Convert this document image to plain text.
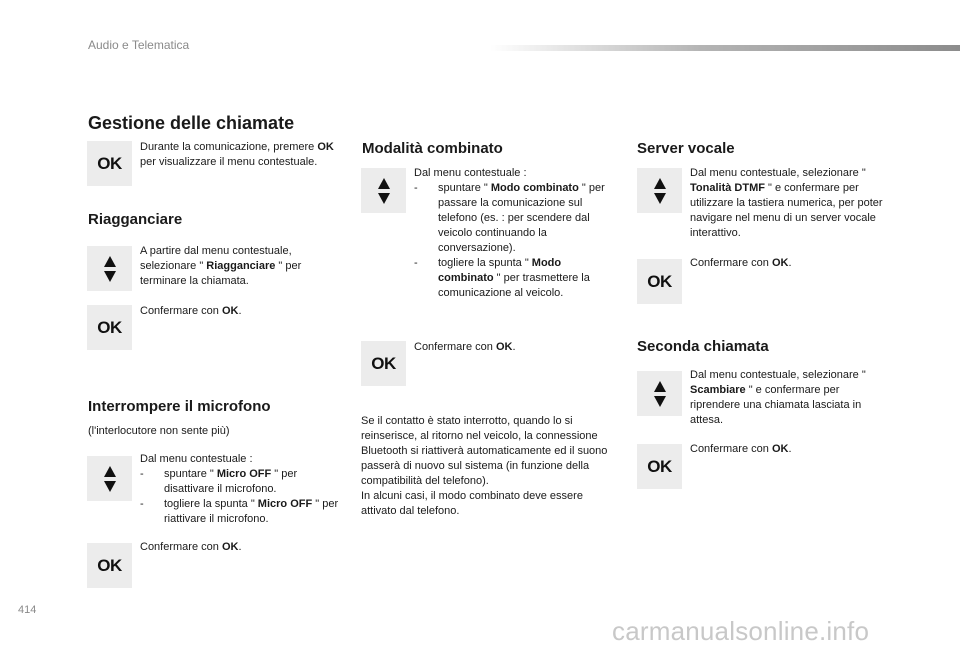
Audio e Telematica
Gestione delle chiamate
OK
Durante la comunicazione, premere OK per visualizzare il menu contestuale.
Riagganciare
A partire dal menu contestuale, selezionare " Riagganciare " per terminare la chiamata.
OK
Confermare con OK.
Interrompere il microfono
(l'interlocutore non sente più)
Dal menu contestuale :
-	spuntare " Micro OFF " per disattivare il microfono.
-	togliere la spunta " Micro OFF " per riattivare il microfono.
OK
Confermare con OK.
Modalità combinato
Dal menu contestuale :
-	spuntare " Modo combinato " per passare la comunicazione sul telefono (es. : per scendere dal veicolo continuando la conversazione).
-	togliere la spunta " Modo combinato " per trasmettere la comunicazione al veicolo.
OK
Confermare con OK.
Se il contatto è stato interrotto, quando lo si reinserisce, al ritorno nel veicolo, la connessione Bluetooth si riattiverà automaticamente ed il suono passerà di nuovo sul sistema (in funzione della compatibilità del telefono).
In alcuni casi, il modo combinato deve essere attivato dal telefono.
Server vocale
Dal menu contestuale, selezionare " Tonalità DTMF " e confermare per utilizzare la tastiera numerica, per poter navigare nel menu di un server vocale interattivo.
OK
Confermare con OK.
Seconda chiamata
Dal menu contestuale, selezionare " Scambiare " e confermare per riprendere una chiamata lasciata in attesa.
OK
Confermare con OK.
414
carmanualsonline.info
